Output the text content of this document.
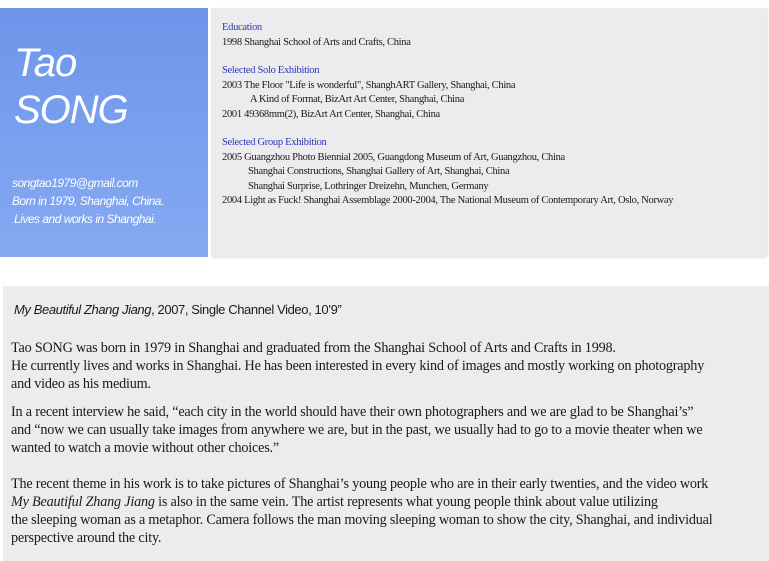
Tao
SONG
songtao1979@gmail.com
Born in 1979, Shanghai, China.
Lives and works in Shanghai.
Education
1998 Shanghai School of Arts and Crafts, China
Selected Solo Exhibition
2003 The Floor "Life is wonderful", ShanghART Gallery, Shanghai, China
A Kind of Format, BizArt Art Center, Shanghai, China
2001 49368mm(2), BizArt Art Center, Shanghai, China
Selected Group Exhibition
2005 Guangzhou Photo Biennial 2005, Guangdong Museum of Art, Guangzhou, China
Shanghai Constructions, Shanghai Gallery of Art, Shanghai, China
Shanghai Surprise, Lothringer Dreizehn, Munchen, Germany
2004 Light as Fuck! Shanghai Assemblage 2000-2004, The National Museum of Contemporary Art, Oslo, Norway
My Beautiful Zhang Jiang, 2007, Single Channel Video, 10’9”

Tao SONG was born in 1979 in Shanghai and graduated from the Shanghai School of Arts and Crafts in 1998.
He currently lives and works in Shanghai. He has been interested in every kind of images and mostly working on photography
and video as his medium.

In a recent interview he said, “each city in the world should have their own photographers and we are glad to be Shanghai’s”
and “now we can usually take images from anywhere we are, but in the past, we usually had to go to a movie theater when we
wanted to watch a movie without other choices.”

The recent theme in his work is to take pictures of Shanghai’s young people who are in their early twenties, and the video work
My Beautiful Zhang Jiang is also in the same vein. The artist represents what young people think about value utilizing
the sleeping woman as a metaphor. Camera follows the man moving sleeping woman to show the city, Shanghai, and individual
perspective around the city.
